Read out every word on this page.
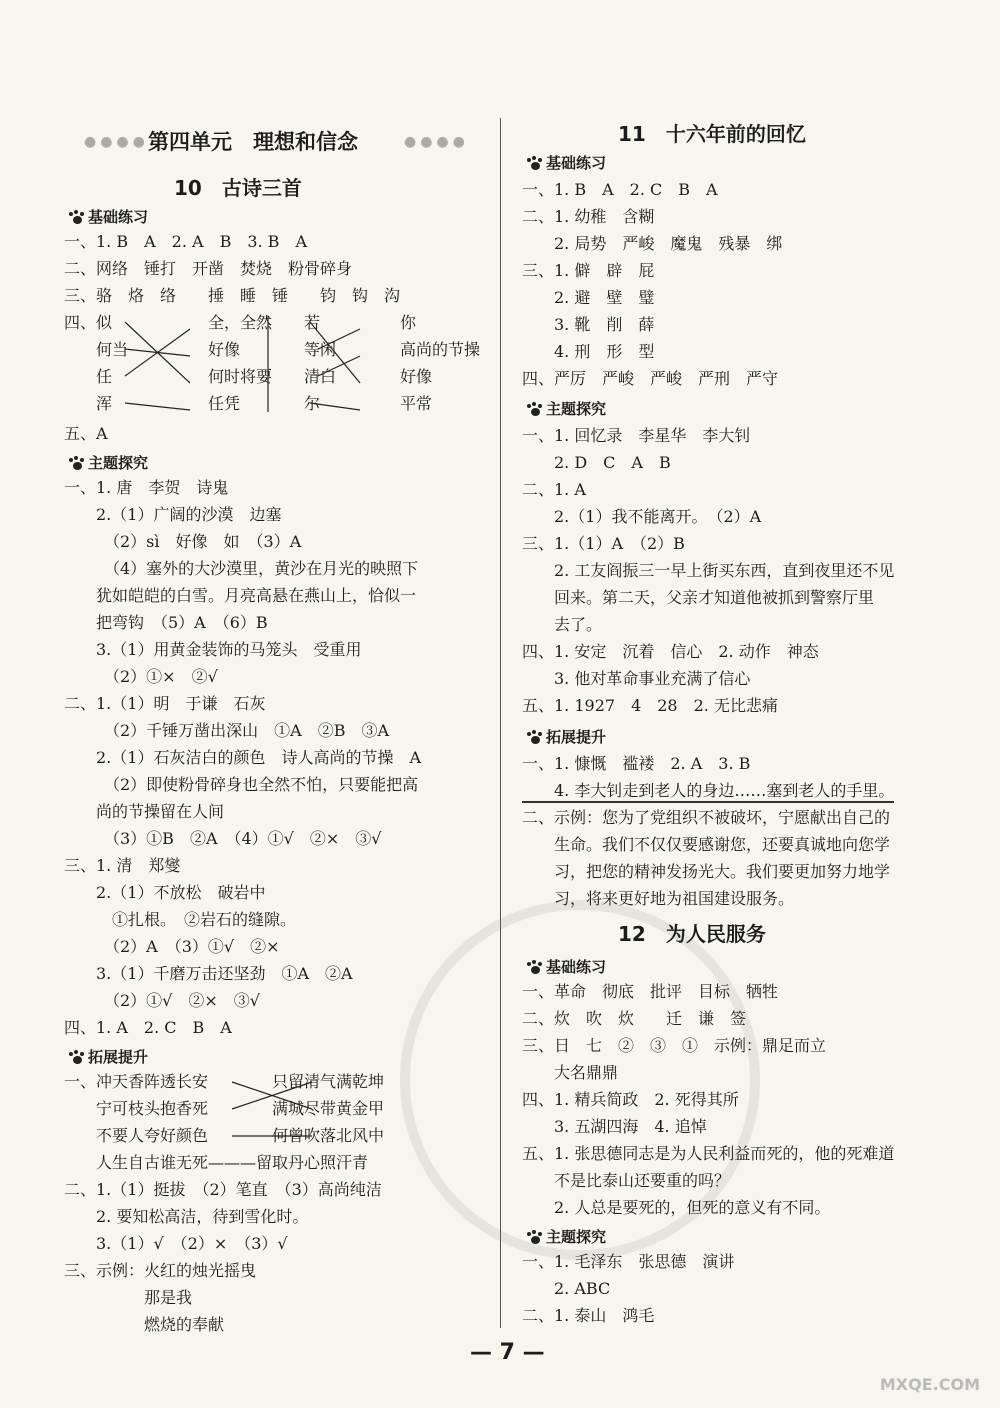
●●●● 第四单元　理想和信念	●●●●
10　古诗三首
基础练习
一、1. B　A　2. A　B　3. B　A
二、网络　锤打　开凿　焚烧　粉骨碎身
三、骆　烙　络　　捶　睡　锤　　钧　钩　沟
四、似　　　　　　全，全然　　若　　　　　你
　　何当　　　　　好像　　　　等闲　　　　高尚的节操
　　任　　　　　　何时将要　　清白　　　　好像
　　浑　　　　　　任凭　　　　尔　　　　　平常
五、A
主题探究
一、1. 唐　李贺　诗鬼
　　2.（1）广阔的沙漠　边塞
　　　（2）sì　好像　如　（3）A
　　　（4）塞外的大沙漠里，黄沙在月光的映照下
　　犹如皑皑的白雪。月亮高悬在燕山上，恰似一
　　把弯钩　（5）A　（6）B
　　3.（1）用黄金装饰的马笼头　受重用
　　　（2）①×　②√
二、1.（1）明　于谦　石灰
　　　（2）千锤万凿出深山　①A　②B　③A
　　2.（1）石灰洁白的颜色　诗人高尚的节操　A
　　　（2）即使粉骨碎身也全然不怕，只要能把高
　　尚的节操留在人间
　　　（3）①B　②A　（4）①√　②×　③√
三、1. 清　郑燮
　　2.（1）不放松　破岩中
　　　①扎根。　②岩石的缝隙。
　　　（2）A　（3）①√　②×
　　3.（1）千磨万击还坚劲　①A　②A
　　　（2）①√　②×　③√
四、1. A　2. C　B　A
拓展提升
一、冲天香阵透长安　　　　只留清气满乾坤
　　宁可枝头抱香死　　　　满城尽带黄金甲
　　不要人夸好颜色　　　　何曾吹落北风中
　　人生自古谁无死———留取丹心照汗青
二、1.（1）挺拔　（2）笔直　（3）高尚纯洁
　　2. 要知松高洁，待到雪化时。
　　3.（1）√　（2）×　（3）√
三、示例：火红的烛光摇曳
　　　　　那是我
　　　　　燃烧的奉献
11　十六年前的回忆
基础练习
一、1. B　A　2. C　B　A
二、1. 幼稚　含糊
　　2. 局势　严峻　魔鬼　残暴　绑
三、1. 僻　辟　屁
　　2. 避　壁　璧
　　3. 靴　削　薛
　　4. 刑　形　型
四、严厉　严峻　严峻　严刑　严守
主题探究
一、1. 回忆录　李星华　李大钊
　　2. D　C　A　B
二、1. A
　　2.（1）我不能离开。　（2）A
三、1.（1）A　（2）B
　　2. 工友阎振三一早上街买东西，直到夜里还不见
　　回来。第二天，父亲才知道他被抓到警察厅里
　　去了。
四、1. 安定　沉着　信心　2. 动作　神态
　　3. 他对革命事业充满了信心
五、1. 1927　4　28　2. 无比悲痛
拓展提升
一、1. 慷慨　褴褛　2. A　3. B
　　4. 李大钊走到老人的身边……塞到老人的手里。
二、示例：您为了党组织不被破坏，宁愿献出自己的
　　生命。我们不仅仅要感谢您，还要真诚地向您学
　　习，把您的精神发扬光大。我们要更加努力地学
　　习，将来更好地为祖国建设服务。
12　为人民服务
基础练习
一、革命　彻底　批评　目标　牺牲
二、炊　吹　炊　　迁　谦　签
三、日　七　②　③　①　示例：鼎足而立
　　大名鼎鼎
四、1. 精兵简政　2. 死得其所
　　3. 五湖四海　4. 追悼
五、1. 张思德同志是为人民利益而死的，他的死难道
　　不是比泰山还要重的吗？
　　2. 人总是要死的，但死的意义有不同。
主题探究
一、1. 毛泽东　张思德　演讲
　　2. ABC
二、1. 泰山　鸿毛
— 7 —
MXQE.COM
